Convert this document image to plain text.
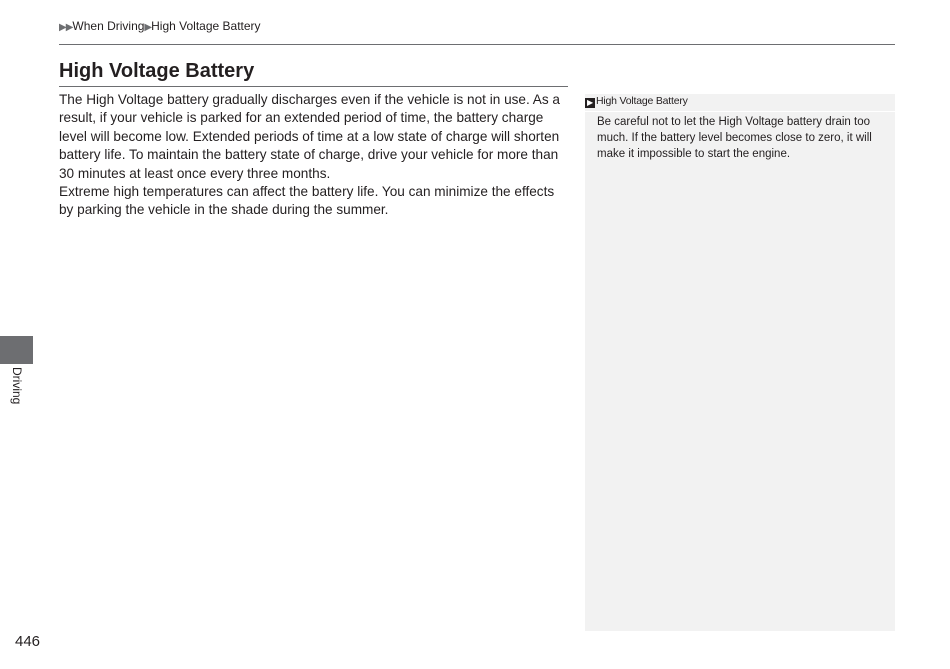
▶▶When Driving▶High Voltage Battery
High Voltage Battery

The High Voltage battery gradually discharges even if the vehicle is not in use. As a result, if your vehicle is parked for an extended period of time, the battery charge level will become low. Extended periods of time at a low state of charge will shorten battery life. To maintain the battery state of charge, drive your vehicle for more than 30 minutes at least once every three months.

Extreme high temperatures can affect the battery life. You can minimize the effects by parking the vehicle in the shade during the summer.

▶ High Voltage Battery

Be careful not to let the High Voltage battery drain too much. If the battery level becomes close to zero, it will make it impossible to start the engine.

Driving
446
